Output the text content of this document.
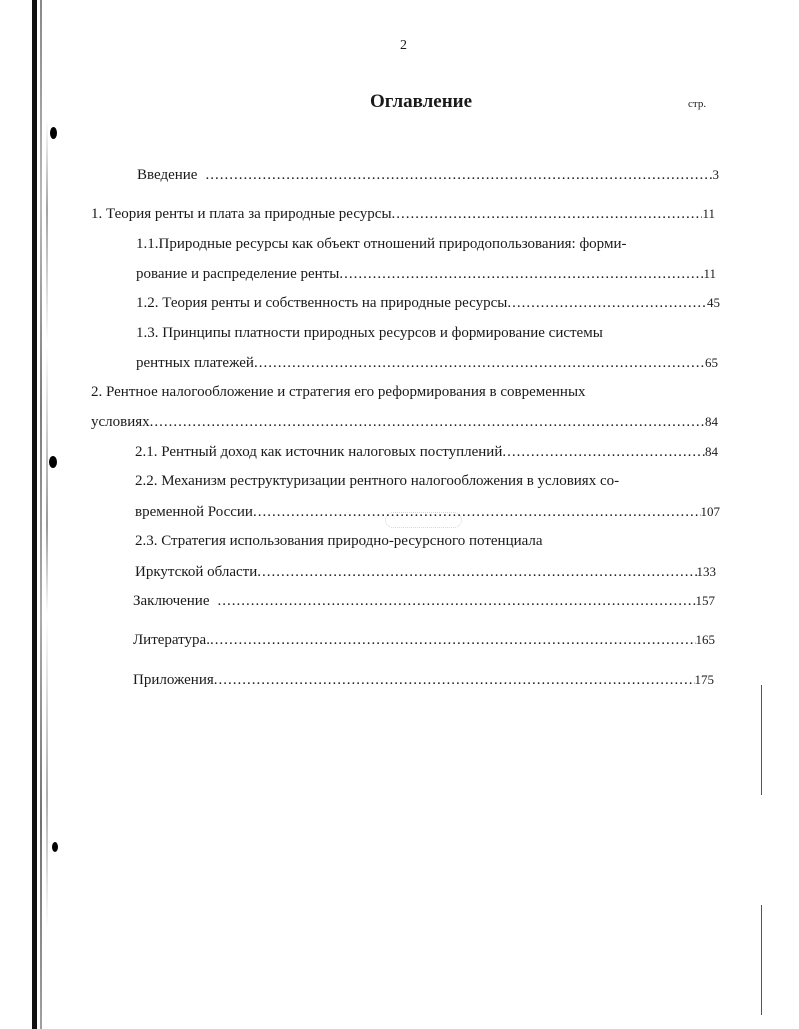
2
Оглавление	стр.
Введение .....	3
1. Теория ренты и плата за природные ресурсы .....	11
1.1.Природные ресурсы как объект отношений природопользования: форми-
рование и распределение ренты .....	11
1.2. Теория ренты и собственность на природные ресурсы .....	45
1.3. Принципы платности природных ресурсов и формирование системы
рентных платежей .....	65
2. Рентное налогообложение и стратегия его реформирования в современных
условиях .....	84
2.1. Рентный доход как источник налоговых поступлений .....	84
2.2. Механизм реструктуризации рентного налогообложения в условиях со-
временной России .....	107
2.3. Стратегия использования природно-ресурсного потенциала
Иркутской области .....	133
Заключение .....	157
Литература. .....	165
Приложения .....	175
